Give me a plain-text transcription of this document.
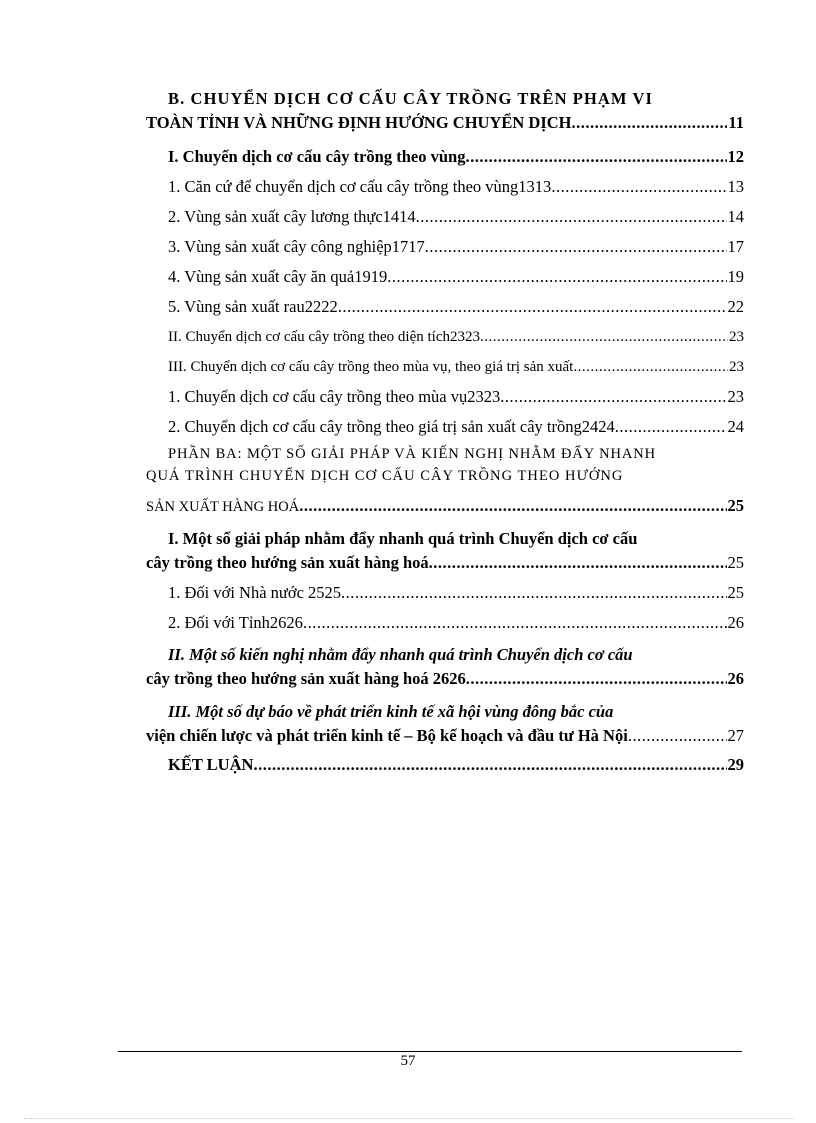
B. CHUYỂN DỊCH CƠ CẤU CÂY TRỒNG TRÊN PHẠM VI
TOÀN TỈNH VÀ NHỮNG ĐỊNH HƯỚNG CHUYỂN DỊCH .....	11
I. Chuyển dịch cơ cấu cây trồng theo vùng .....	12
1. Căn cứ để chuyển dịch cơ cấu cây trồng theo vùng1313 .....	13
2. Vùng sản xuất cây lương thực1414 .....	14
3. Vùng sản xuất cây công nghiệp1717 .....	17
4. Vùng sản xuất cây ăn quả1919 .....	19
5. Vùng sản xuất rau2222 .....	22
II. Chuyển dịch cơ cấu cây trồng theo diện tích2323 .....	23
III. Chuyển dịch cơ cấu cây trồng theo mùa vụ, theo giá trị sản xuất .....	23
1. Chuyển dịch cơ cấu cây trồng theo mùa vụ2323 .....	23
2. Chuyển dịch cơ cấu cây trồng theo giá trị sản xuất cây trồng2424 .....	24
PHẦN BA: MỘT SỐ GIẢI PHÁP VÀ KIẾN NGHỊ NHẰM ĐẨY NHANH
QUÁ TRÌNH CHUYỂN DỊCH CƠ CẤU CÂY TRỒNG THEO HƯỚNG
SẢN XUẤT HÀNG HOÁ .....	25
I. Một số giải pháp nhằm đẩy nhanh quá trình Chuyển dịch cơ cấu
cây trồng theo hướng sản xuất hàng hoá .....	25
1. Đối với Nhà nước 2525 .....	25
2. Đối với Tỉnh2626 .....	26
II. Một số kiến nghị nhằm đẩy nhanh quá trình Chuyển dịch cơ cấu
cây trồng theo hướng sản xuất hàng hoá 2626 .....	26
III. Một số dự báo về phát triển kinh tế xã hội vùng đông bắc của
viện chiến lược và phát triển kinh tế – Bộ kế hoạch và đầu tư Hà Nội .....	27
KẾT LUẬN .....	29
57
